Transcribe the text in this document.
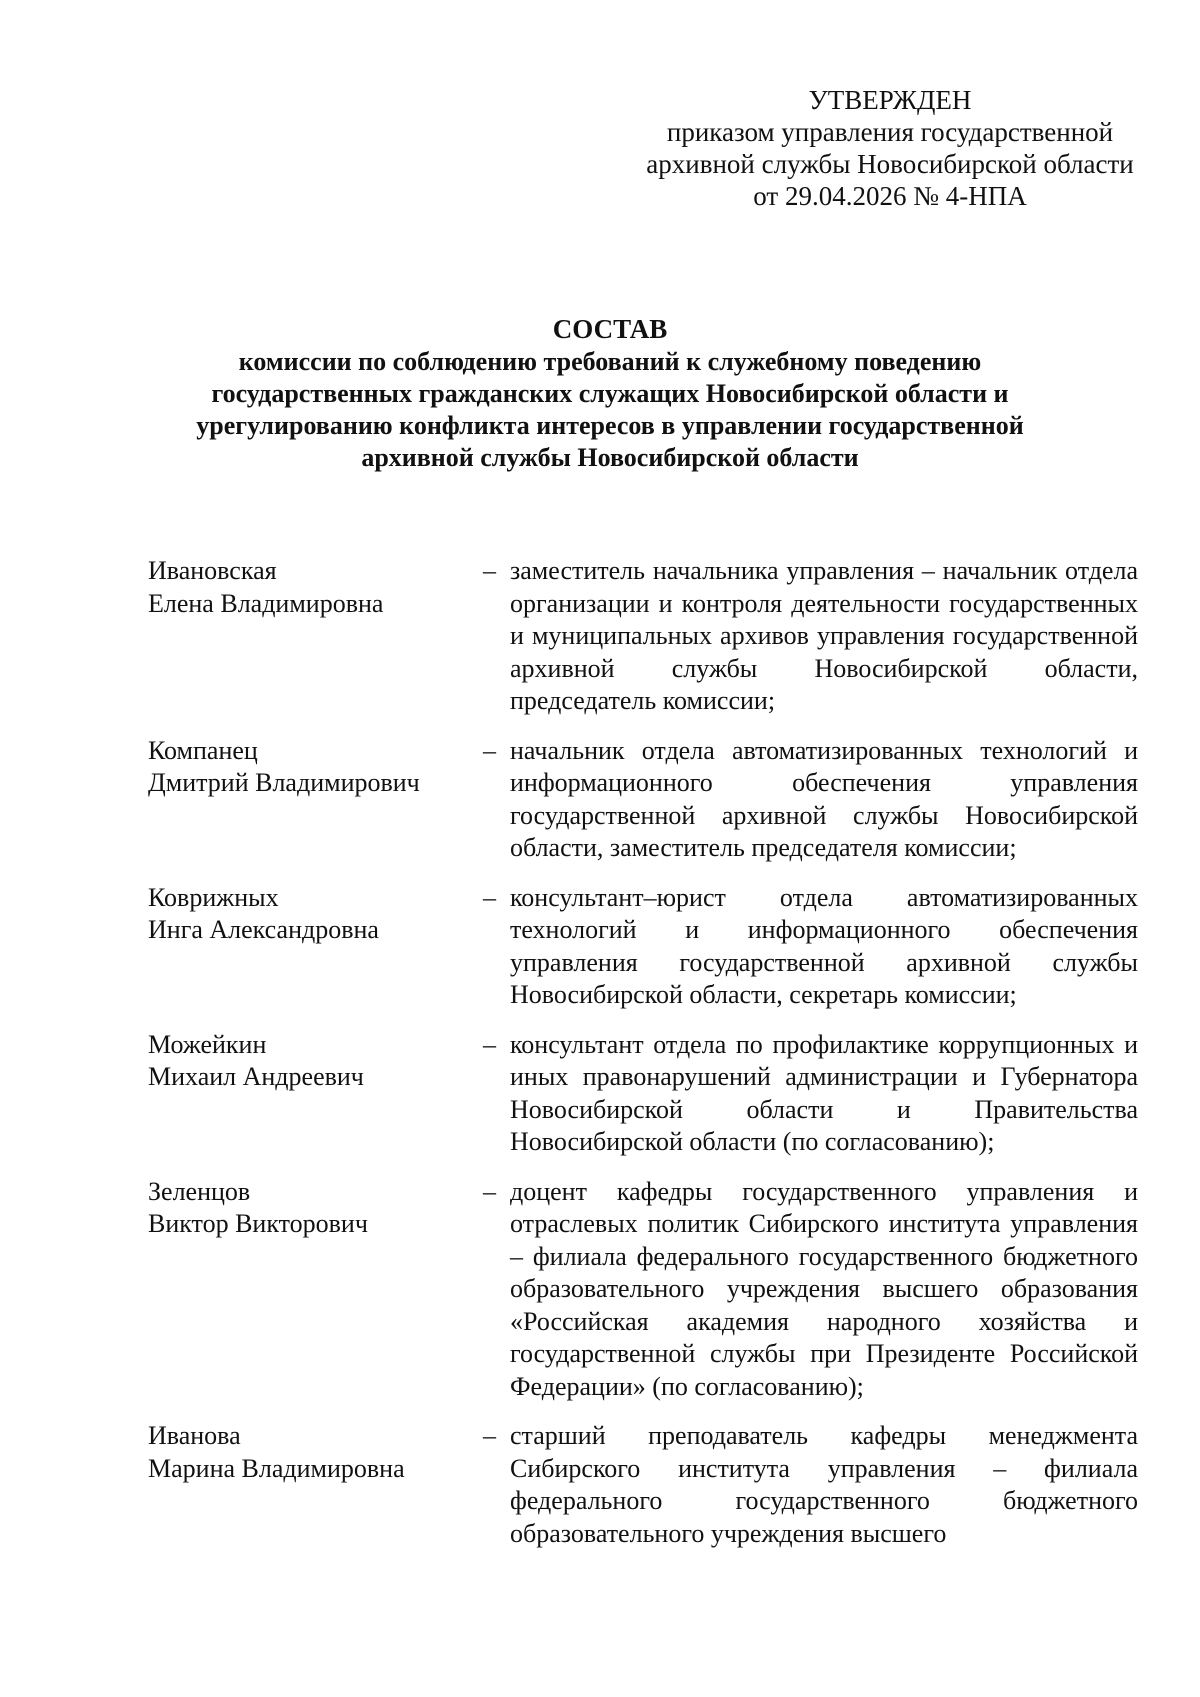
УТВЕРЖДЕН
приказом управления государственной
архивной службы Новосибирской области
от 29.04.2026 № 4-НПА
СОСТАВ
комиссии по соблюдению требований к служебному поведению государственных гражданских служащих Новосибирской области и урегулированию конфликта интересов в управлении государственной архивной службы Новосибирской области
Ивановская
Елена Владимировна
– заместитель начальника управления – начальник отдела организации и контроля деятельности государственных и муниципальных архивов управления государственной архивной службы Новосибирской области, председатель комиссии;
Компанец
Дмитрий Владимирович
– начальник отдела автоматизированных технологий и информационного обеспечения управления государственной архивной службы Новосибирской области, заместитель председателя комиссии;
Коврижных
Инга Александровна
– консультант–юрист отдела автоматизированных технологий и информационного обеспечения управления государственной архивной службы Новосибирской области, секретарь комиссии;
Можейкин
Михаил Андреевич
– консультант отдела по профилактике коррупционных и иных правонарушений администрации и Губернатора Новосибирской области и Правительства Новосибирской области (по согласованию);
Зеленцов
Виктор Викторович
– доцент кафедры государственного управления и отраслевых политик Сибирского института управления – филиала федерального государственного бюджетного образовательного учреждения высшего образования «Российская академия народного хозяйства и государственной службы при Президенте Российской Федерации» (по согласованию);
Иванова
Марина Владимировна
– старший преподаватель кафедры менеджмента Сибирского института управления – филиала федерального государственного бюджетного образовательного учреждения высшего
